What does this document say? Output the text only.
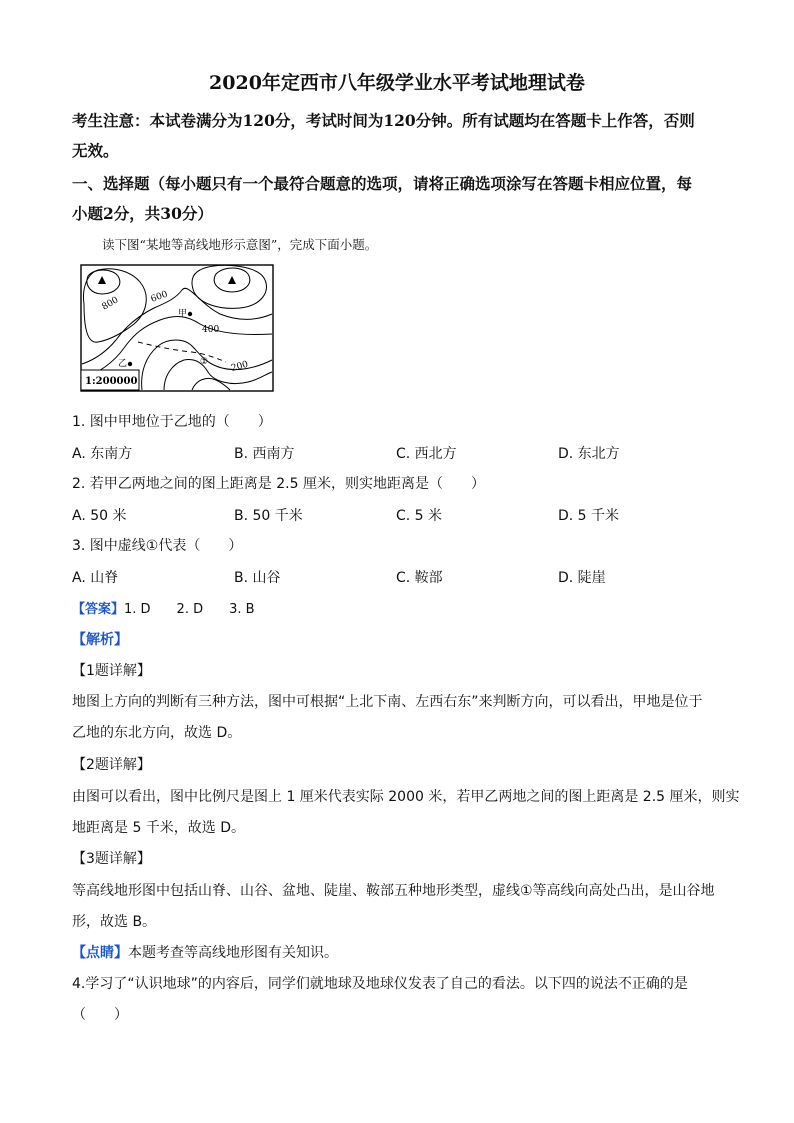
2020年定西市八年级学业水平考试地理试卷
考生注意：本试卷满分为120分，考试时间为120分钟。所有试题均在答题卡上作答，否则
无效。
一、选择题（每小题只有一个最符合题意的选项，请将正确选项涂写在答题卡相应位置，每
小题2分，共30分）
读下图“某地等高线地形示意图”，完成下面小题。
800	600
400
200
甲
乙	①
1:200000
1. 图中甲地位于乙地的（　　）
A. 东南方	B. 西南方	C. 西北方	D. 东北方
2. 若甲乙两地之间的图上距离是 2.5 厘米，则实地距离是（　　）
A. 50 米	B. 50 千米	C. 5 米	D. 5 千米
3. 图中虚线①代表（　　）
A. 山脊	B. 山谷	C. 鞍部	D. 陡崖
【答案】1. D　　2. D　　3. B
【解析】
【1题详解】
地图上方向的判断有三种方法，图中可根据“上北下南、左西右东”来判断方向，可以看出，甲地是位于
乙地的东北方向，故选 D。
【2题详解】
由图可以看出，图中比例尺是图上 1 厘米代表实际 2000 米，若甲乙两地之间的图上距离是 2.5 厘米，则实
地距离是 5 千米，故选 D。
【3题详解】
等高线地形图中包括山脊、山谷、盆地、陡崖、鞍部五种地形类型，虚线①等高线向高处凸出，是山谷地
形，故选 B。
【点睛】本题考查等高线地形图有关知识。
4.学习了“认识地球”的内容后，同学们就地球及地球仪发表了自己的看法。以下四的说法不正确的是
（　　）
